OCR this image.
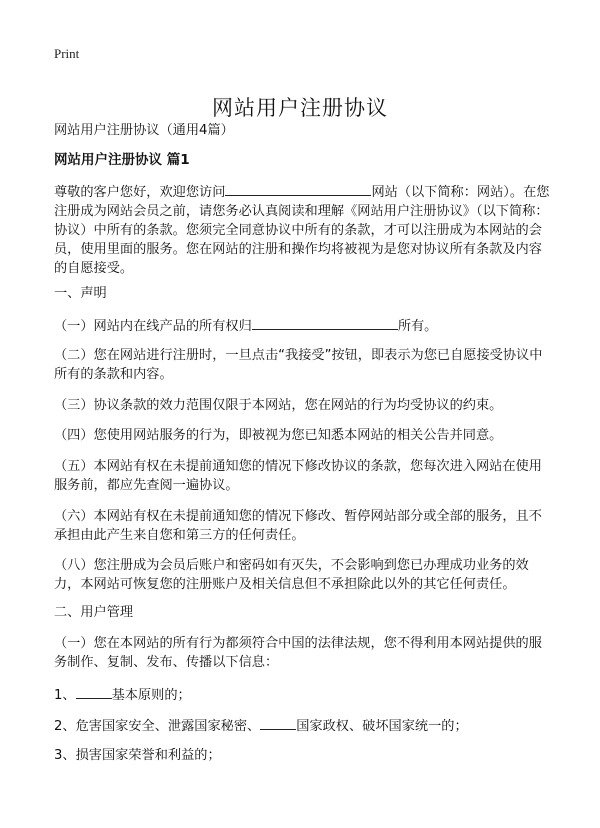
Print
网站用户注册协议

网站用户注册协议（通用4篇）

网站用户注册协议 篇1

尊敬的客户您好，欢迎您访问	网站（以下简称：网站）。在您注册成为网站会员之前，请您务必认真阅读和理解《网站用户注册协议》（以下简称：协议）中所有的条款。您须完全同意协议中所有的条款，才可以注册成为本网站的会员，使用里面的服务。您在网站的注册和操作均将被视为是您对协议所有条款及内容的自愿接受。

一、声明

（一）网站内在线产品的所有权归	所有。

（二）您在网站进行注册时，一旦点击“我接受”按钮，即表示为您已自愿接受协议中所有的条款和内容。

（三）协议条款的效力范围仅限于本网站，您在网站的行为均受协议的约束。

（四）您使用网站服务的行为，即被视为您已知悉本网站的相关公告并同意。

（五）本网站有权在未提前通知您的情况下修改协议的条款，您每次进入网站在使用服务前，都应先查阅一遍协议。

（六）本网站有权在未提前通知您的情况下修改、暂停网站部分或全部的服务，且不承担由此产生来自您和第三方的任何责任。

（八）您注册成为会员后账户和密码如有灭失，不会影响到您已办理成功业务的效力，本网站可恢复您的注册账户及相关信息但不承担除此以外的其它任何责任。

二、用户管理

（一）您在本网站的所有行为都须符合中国的法律法规，您不得利用本网站提供的服务制作、复制、发布、传播以下信息：

1、	基本原则的；

2、危害国家安全、泄露国家秘密、	国家政权、破坏国家统一的；

3、损害国家荣誉和利益的；
